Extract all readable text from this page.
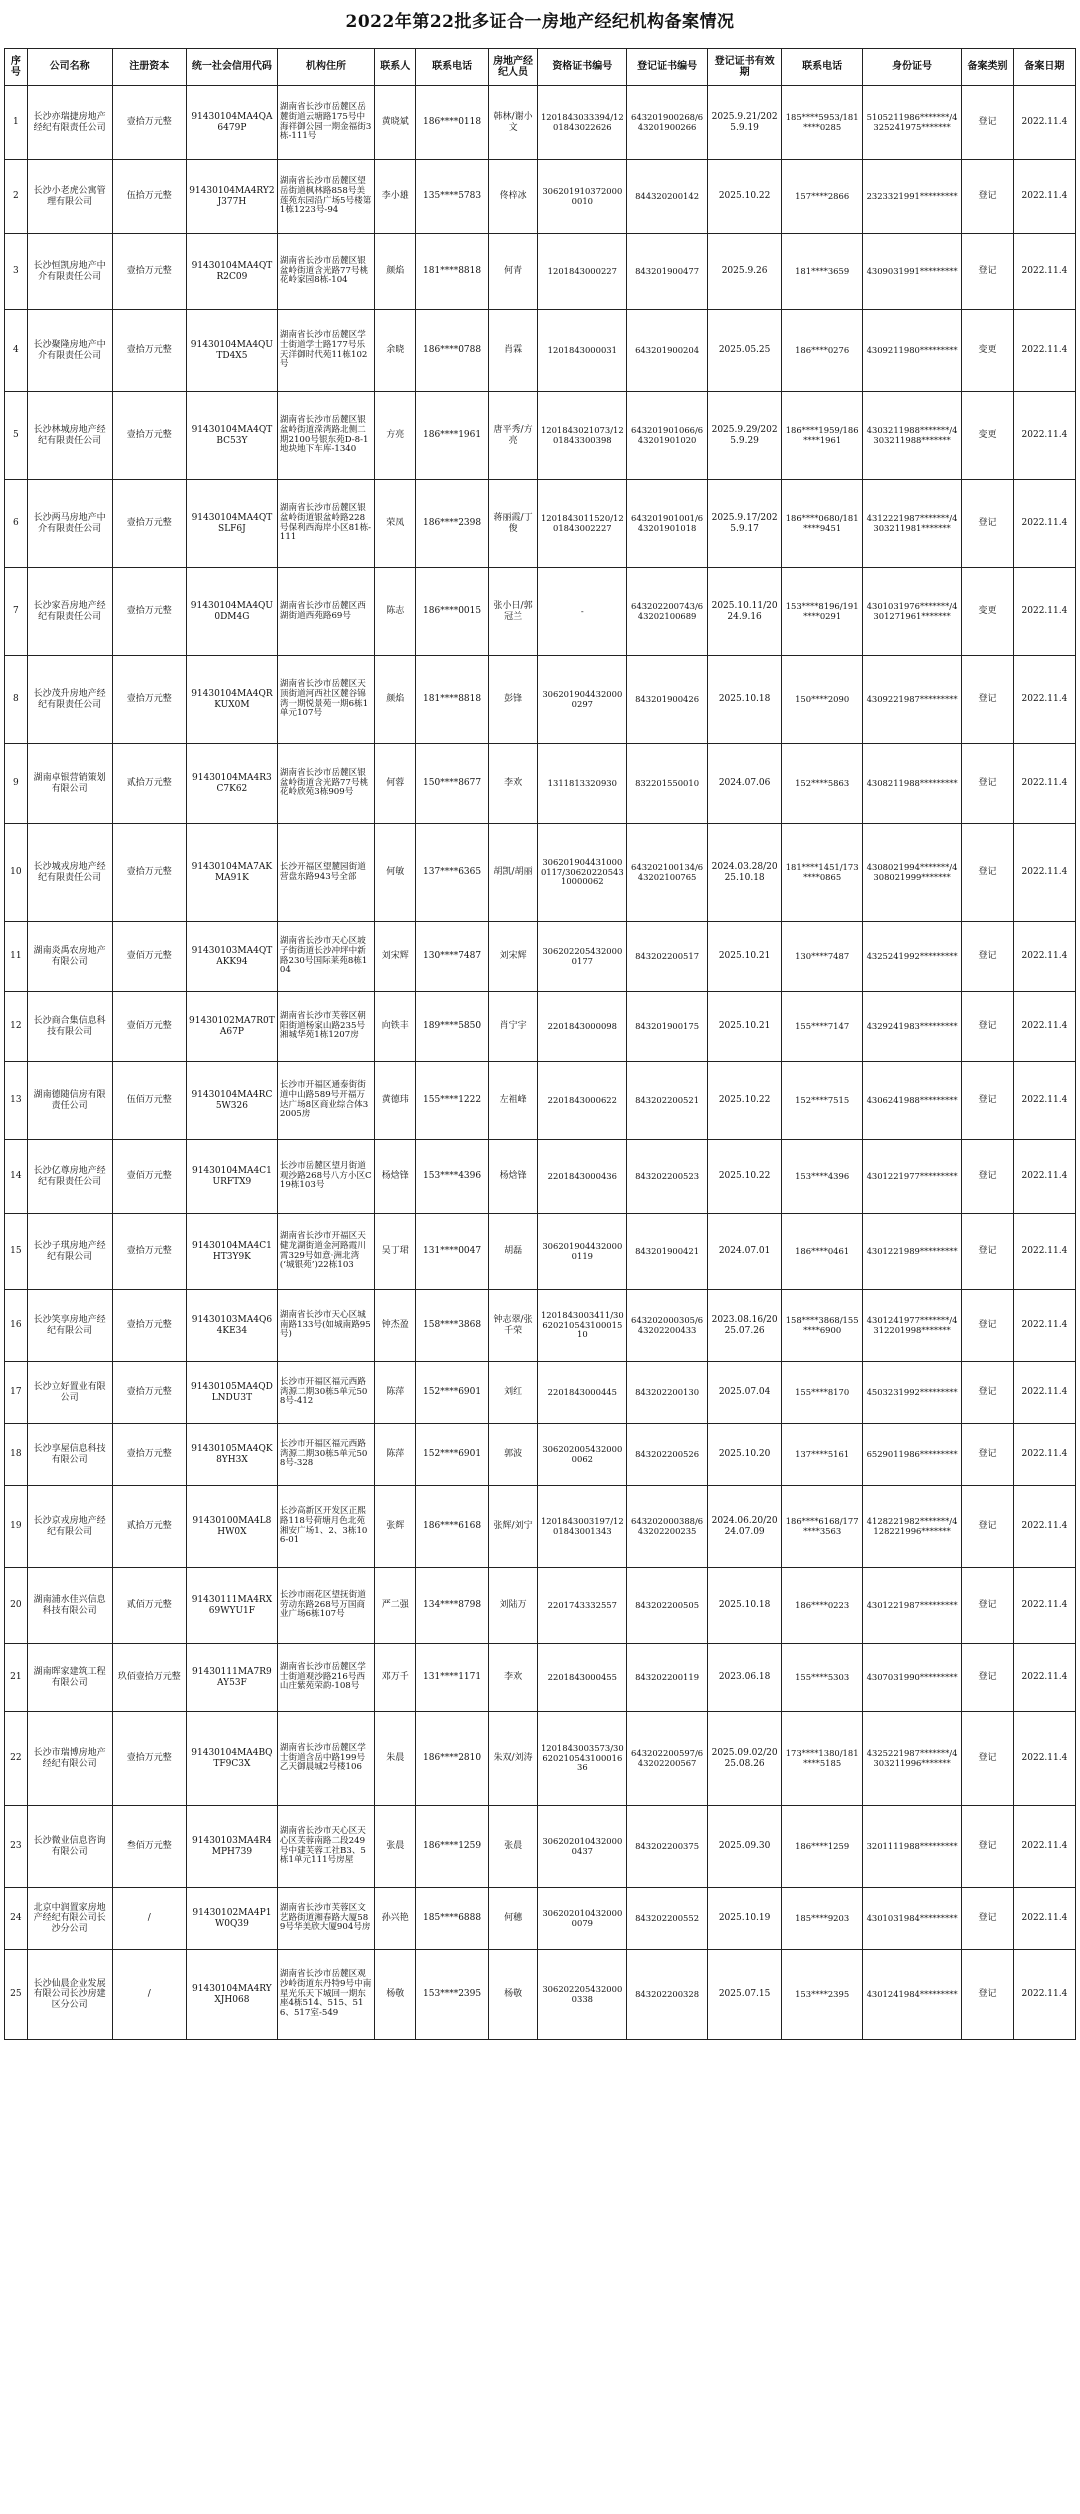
2022年第22批多证合一房地产经纪机构备案情况
序号	公司名称	注册资本	统一社会信用代码	机构住所	联系人	联系电话	房地产经纪人员	资格证书编号	登记证书编号	登记证书有效期	联系电话	身份证号	备案类别	备案日期
1	长沙亦瑞捷房地产经纪有限责任公司	壹拾万元整	91430104MA4QA6479P	湖南省长沙市岳麓区岳麓街道云塘路175号中海祥御公园一期金福街3栋-111号	黄晓斌	186****0118	韩林/谢小文	1201843033394/1201843022626	643201900268/643201900266	2025.9.21/2025.9.19	185****5953/181****0285	5105211986*******/4325241975*******	登记	2022.11.4
2	长沙小老虎公寓管理有限公司	伍拾万元整	91430104MA4RY2J377H	湖南省长沙市岳麓区望岳街道枫林路858号美莲苑东园沿广场5号楼第1栋1223号-94	李小雄	135****5783	佟梓冰	3062019103720000010	844320200142	2025.10.22	157****2866	2323321991*********	登记	2022.11.4
3	长沙恒凯房地产中介有限责任公司	壹拾万元整	91430104MA4QTR2C09	湖南省长沙市岳麓区银盆岭街道含光路77号桃花岭家园8栋-104	颜焰	181****8818	何青	1201843000227	843201900477	2025.9.26	181****3659	4309031991*********	登记	2022.11.4
4	长沙聚隆房地产中介有限责任公司	壹拾万元整	91430104MA4QUTD4X5	湖南省长沙市岳麓区学士街道学士路177号乐天洋御时代苑11栋102号	余晓	186****0788	肖霖	1201843000031	643201900204	2025.05.25	186****0276	4309211980*********	变更	2022.11.4
5	长沙林城房地产经纪有限责任公司	壹拾万元整	91430104MA4QTBC53Y	湖南省长沙市岳麓区银盆岭街道溁湾路北侧二期2100号银东苑D-8-1地块地下车库-1340	方亮	186****1961	唐平秀/方亮	1201843021073/1201843300398	643201901066/643201901020	2025.9.29/2025.9.29	186****1959/186****1961	4303211988*******/4303211988*******	变更	2022.11.4
6	长沙两马房地产中介有限责任公司	壹拾万元整	91430104MA4QTSLF6J	湖南省长沙市岳麓区银盆岭街道银盆岭路228号保利西海岸小区81栋-111	荣凤	186****2398	蒋丽霞/丁俊	1201843011520/1201843002227	643201901001/643201901018	2025.9.17/2025.9.17	186****0680/181****9451	4312221987*******/4303211981*******	登记	2022.11.4
7	长沙家吾房地产经纪有限责任公司	壹拾万元整	91430104MA4QU0DM4G	湖南省长沙市岳麓区西湖街道西苑路69号	陈志	186****0015	张小日/郭冠兰	-	643202200743/643202100689	2025.10.11/2024.9.16	153****8196/191****0291	4301031976*******/4301271961*******	变更	2022.11.4
8	长沙茂升房地产经纪有限责任公司	壹拾万元整	91430104MA4QRKUX0M	湖南省长沙市岳麓区天顶街道河西社区麓谷锦湾一期悦景苑一期6栋1单元107号	颜焰	181****8818	彭锋	3062019044320000297	843201900426	2025.10.18	150****2090	4309221987*********	登记	2022.11.4
9	湖南卓银营销策划有限公司	贰拾万元整	91430104MA4R3C7K62	湖南省长沙市岳麓区银盆岭街道含光路77号桃花岭欣苑3栋909号	何蓉	150****8677	李欢	1311813320930	832201550010	2024.07.06	152****5863	4308211988*********	登记	2022.11.4
10	长沙城戎房地产经纪有限责任公司	壹拾万元整	91430104MA7AKMA91K	长沙开福区望麓园街道营盘东路943号全部	何敏	137****6365	胡凯/胡丽	3062019044310000117/3062022054310000062	643202100134/643202100765	2024.03.28/2025.10.18	181****1451/173****0865	4308021994*******/4308021999*******	登记	2022.11.4
11	湖南炎禹农房地产有限公司	壹佰万元整	91430103MA4QTAKK94	湖南省长沙市天心区坡子街街道长沙冲坪中新路230号国际莱苑8栋104	刘宋辉	130****7487	刘宋辉	3062022054320000177	843202200517	2025.10.21	130****7487	4325241992*********	登记	2022.11.4
12	长沙商合集信息科技有限公司	壹佰万元整	91430102MA7R0TA67P	湖南省长沙市芙蓉区朝阳街道杨家山路235号湘城华苑1栋1207房	向铁丰	189****5850	肖宁宇	2201843000098	843201900175	2025.10.21	155****7147	4329241983*********	登记	2022.11.4
13	湖南德随信房有限责任公司	伍佰万元整	91430104MA4RC5W326	长沙市开福区通泰街街道中山路589号开福万达广场8区商业综合体32005房	黄德玮	155****1222	左祖峰	2201843000622	843202200521	2025.10.22	152****7515	4306241988*********	登记	2022.11.4
14	长沙亿尊房地产经纪有限责任公司	壹佰万元整	91430104MA4C1URFTX9	长沙市岳麓区望月街道观沙路268号八方小区C19栋103号	杨焓锋	153****4396	杨焓锋	2201843000436	843202200523	2025.10.22	153****4396	4301221977*********	登记	2022.11.4
15	长沙子琪房地产经纪有限公司	壹拾万元整	91430104MA4C1HT3Y9K	湖南省长沙市开福区天健龙湖街道金河路霞川霄329号如意·洲北湾(‘城银苑’)22栋103	吴丁珺	131****0047	胡磊	3062019044320000119	843201900421	2024.07.01	186****0461	4301221989*********	登记	2022.11.4
16	长沙笑享房地产经纪有限公司	壹拾万元整	91430103MA4Q64KE34	湖南省长沙市天心区城南路133号(如城南路95号)	钟杰盈	158****3868	钟志翠/张千荣	1201843003411/3062021054310001510	643202000305/643202200433	2023.08.16/2025.07.26	158****3868/155****6900	4301241977*******/4312201998*******	登记	2022.11.4
17	长沙立好置业有限公司	壹拾万元整	91430105MA4QDLNDU3T	长沙市开福区福元西路湾源二期30栋5单元508号-412	陈萍	152****6901	刘红	2201843000445	843202200130	2025.07.04	155****8170	4503231992*********	登记	2022.11.4
18	长沙享屋信息科技有限公司	壹拾万元整	91430105MA4QK8YH3X	长沙市开福区福元西路湾源二期30栋5单元508号-328	陈萍	152****6901	郭波	3062020054320000062	843202200526	2025.10.20	137****5161	6529011986*********	登记	2022.11.4
19	长沙京戎房地产经纪有限公司	贰拾万元整	91430100MA4L8HW0X	长沙高新区开发区正熙路118号荷塘月色北苑湘安广场1、2、3栋106-01	张辉	186****6168	张辉/刘宁	1201843003197/1201843001343	643202000388/643202200235	2024.06.20/2024.07.09	186****6168/177****3563	4128221982*******/4128221996*******	登记	2022.11.4
20	湖南浦水佳兴信息科技有限公司	贰佰万元整	91430111MA4RX69WYU1F	长沙市雨花区望抚街道劳动东路268号万国商业广场6栋107号	严二强	134****8798	刘陆万	2201743332557	843202200505	2025.10.18	186****0223	4301221987*********	登记	2022.11.4
21	湖南晖家建筑工程有限公司	玖佰壹拾万元整	91430111MA7R9AY53F	湖南省长沙市岳麓区学士街道观沙路216号西山庄紫苑荣韵-108号	邓万千	131****1171	李欢	2201843000455	843202200119	2023.06.18	155****5303	4307031990*********	登记	2022.11.4
22	长沙市瑞博房地产经纪有限公司	壹拾万元整	91430104MA4BQTF9C3X	湖南省长沙市岳麓区学士街道含岳中路199号乙天御晨城2号楼106	朱晨	186****2810	朱双/刘涛	1201843003573/3062021054310001636	643202200597/643202200567	2025.09.02/2025.08.26	173****1380/181****5185	4325221987*******/4303211996*******	登记	2022.11.4
23	长沙微业信息咨询有限公司	叁佰万元整	91430103MA4R4MPH739	湖南省长沙市天心区天心区芙蓉南路二段249号中建芙蓉工社B3、5栋1单元111号房屋	张晨	186****1259	张晨	3062020104320000437	843202200375	2025.09.30	186****1259	3201111988*********	登记	2022.11.4
24	北京中润置家房地产经纪有限公司长沙分公司	/	91430102MA4P1W0Q39	湖南省长沙市芙蓉区文艺路街道湘春路大厦589号华美欣大厦904号房	孙兴艳	185****6888	何穗	3062020104320000079	843202200552	2025.10.19	185****9203	4301031984*********	登记	2022.11.4
25	长沙仙晨企业发展有限公司长沙房建区分公司	/	91430104MA4RYXJH068	湖南省长沙市岳麓区观沙岭街道东丹特9号中南星光乐天下城回一期东座4栋514、515、516、517室-549	杨敬	153****2395	杨敬	3062022054320000338	843202200328	2025.07.15	153****2395	4301241984*********	登记	2022.11.4
